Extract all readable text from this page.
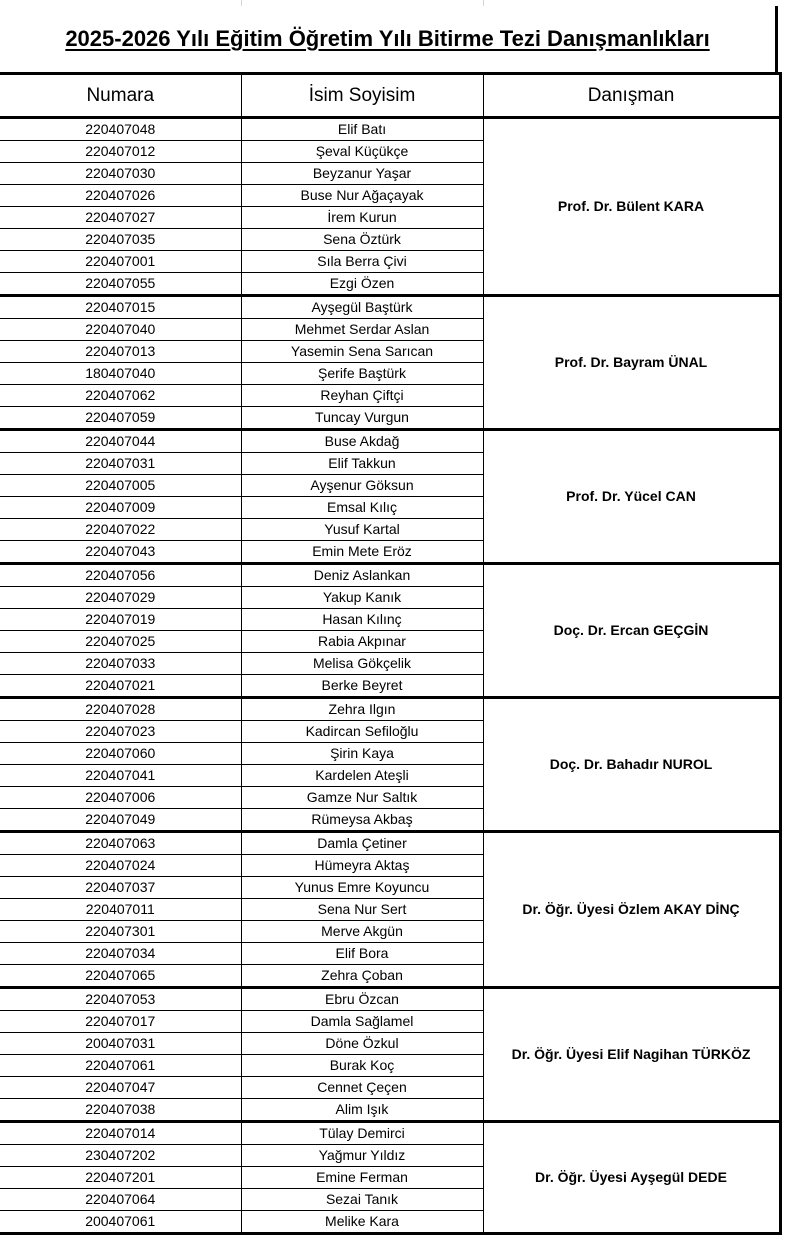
2025-2026 Yılı Eğitim Öğretim Yılı Bitirme Tezi Danışmanlıkları
Numara	İsim Soyisim	Danışman
220407048	Elif Batı	Prof. Dr. Bülent KARA
220407012	Şeval Küçükçe	
220407030	Beyzanur Yaşar	
220407026	Buse Nur Ağaçayak	
220407027	İrem Kurun	
220407035	Sena Öztürk	
220407001	Sıla Berra Çivi	
220407055	Ezgi Özen	
220407015	Ayşegül Baştürk	Prof. Dr. Bayram ÜNAL
220407040	Mehmet Serdar Aslan	
220407013	Yasemin Sena Sarıcan	
180407040	Şerife Baştürk	
220407062	Reyhan Çiftçi	
220407059	Tuncay Vurgun	
220407044	Buse Akdağ	Prof. Dr. Yücel CAN
220407031	Elif Takkun	
220407005	Ayşenur Göksun	
220407009	Emsal Kılıç	
220407022	Yusuf Kartal	
220407043	Emin Mete Eröz	
220407056	Deniz Aslankan	Doç. Dr. Ercan GEÇGİN
220407029	Yakup Kanık	
220407019	Hasan Kılınç	
220407025	Rabia Akpınar	
220407033	Melisa Gökçelik	
220407021	Berke Beyret	
220407028	Zehra Ilgın	Doç. Dr. Bahadır NUROL
220407023	Kadircan Sefiloğlu	
220407060	Şirin Kaya	
220407041	Kardelen Ateşli	
220407006	Gamze Nur Saltık	
220407049	Rümeysa Akbaş	
220407063	Damla Çetiner	Dr. Öğr. Üyesi Özlem AKAY DİNÇ
220407024	Hümeyra Aktaş	
220407037	Yunus Emre Koyuncu	
220407011	Sena Nur Sert	
220407301	Merve Akgün	
220407034	Elif Bora	
220407065	Zehra Çoban	
220407053	Ebru Özcan	Dr. Öğr. Üyesi Elif Nagihan TÜRKÖZ
220407017	Damla Sağlamel	
200407031	Döne Özkul	
220407061	Burak Koç	
220407047	Cennet Çeçen	
220407038	Alim Işık	
220407014	Tülay Demirci	Dr. Öğr. Üyesi Ayşegül DEDE
230407202	Yağmur Yıldız	
220407201	Emine Ferman	
220407064	Sezai Tanık	
200407061	Melike Kara	
